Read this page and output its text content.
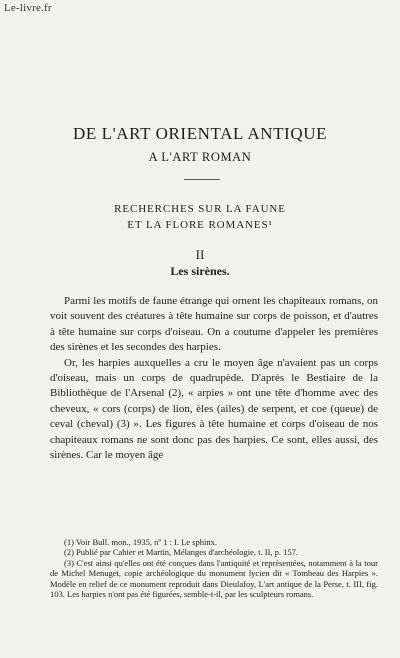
Le-livre.fr
DE L'ART ORIENTAL ANTIQUE
A L'ART ROMAN
RECHERCHES SUR LA FAUNE
ET LA FLORE ROMANES¹
II
Les sirènes.

Parmi les motifs de faune étrange qui ornent les chapiteaux romans, on voit souvent des créatures à tête humaine sur corps de poisson, et d'autres à tête humaine sur corps d'oiseau. On a coutume d'appeler les premières des sirènes et les secondes des harpies.

Or, les harpies auxquelles a cru le moyen âge n'avaient pas un corps d'oiseau, mais un corps de quadrupède. D'après le Bestiaire de la Bibliothèque de l'Arsenal (2), « arpies » ont une tête d'homme avec des cheveux, « cors (corps) de lion, èles (ailes) de serpent, et coe (queue) de ceval (cheval) (3) ». Les figures à tête humaine et corps d'oiseau de nos chapiteaux romans ne sont donc pas des harpies. Ce sont, elles aussi, des sirènes. Car le moyen âge

(1) Voir Bull. mon., 1935, nº 1 : I. Le sphinx.

(2) Publié par Cahier et Martin, Mélanges d'archéologie, t. II, p. 157.

(3) C'est ainsi qu'elles ont été conçues dans l'antiquité et représentées, notamment à la tour de Michel Menuget, copie archéologique du monument lycien dit « Tombeau des Harpies ». Modèle en relief de ce monument reproduit dans Dieulafoy, L'art antique de la Perse, t. III, fig. 103. Les harpies n'ont pas été figurées, semble-t-il, par les sculpteurs romans.
